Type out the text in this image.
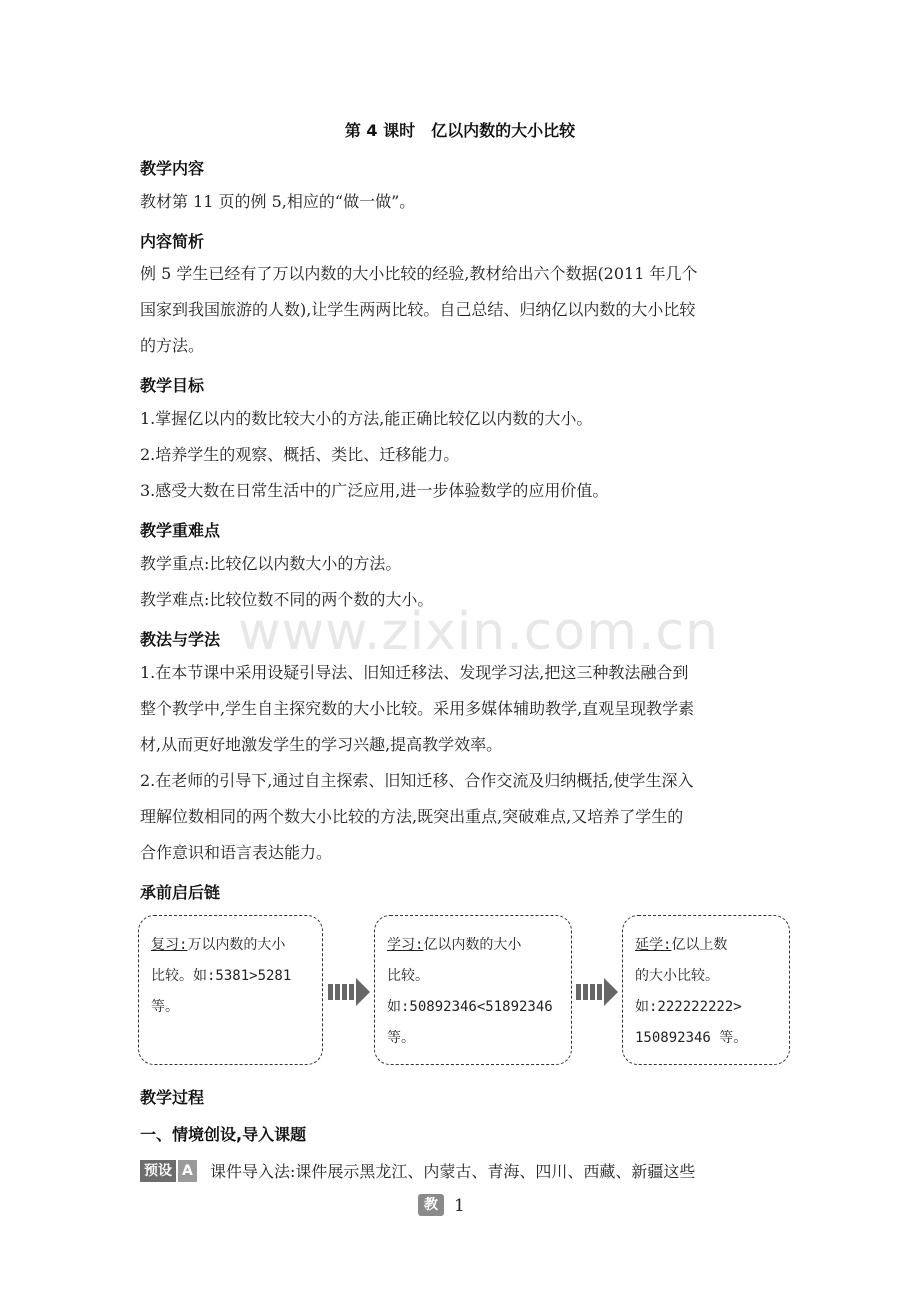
第 4 课时　亿以内数的大小比较
教学内容
教材第 11 页的例 5,相应的“做一做”。
内容简析
例 5 学生已经有了万以内数的大小比较的经验,教材给出六个数据(2011 年几个
国家到我国旅游的人数),让学生两两比较。自己总结、归纳亿以内数的大小比较
的方法。
教学目标
1.掌握亿以内的数比较大小的方法,能正确比较亿以内数的大小。
2.培养学生的观察、概括、类比、迁移能力。
3.感受大数在日常生活中的广泛应用,进一步体验数学的应用价值。
教学重难点
教学重点:比较亿以内数大小的方法。
教学难点:比较位数不同的两个数的大小。
www.zixin.com.cn
教法与学法
1.在本节课中采用设疑引导法、旧知迁移法、发现学习法,把这三种教法融合到
整个教学中,学生自主探究数的大小比较。采用多媒体辅助教学,直观呈现教学素
材,从而更好地激发学生的学习兴趣,提高教学效率。
2.在老师的引导下,通过自主探索、旧知迁移、合作交流及归纳概括,使学生深入
理解位数相同的两个数大小比较的方法,既突出重点,突破难点,又培养了学生的
合作意识和语言表达能力。
承前启后链
复习:万以内数的大小
比较。如:5381>5281
等。
学习:亿以内数的大小
比较。
如:50892346<51892346
等。
延学:亿以上数
的大小比较。
如:222222222>
150892346 等。
教学过程
一、情境创设,导入课题
预设 A 课件导入法:课件展示黑龙江、内蒙古、青海、四川、西藏、新疆这些
教 1
